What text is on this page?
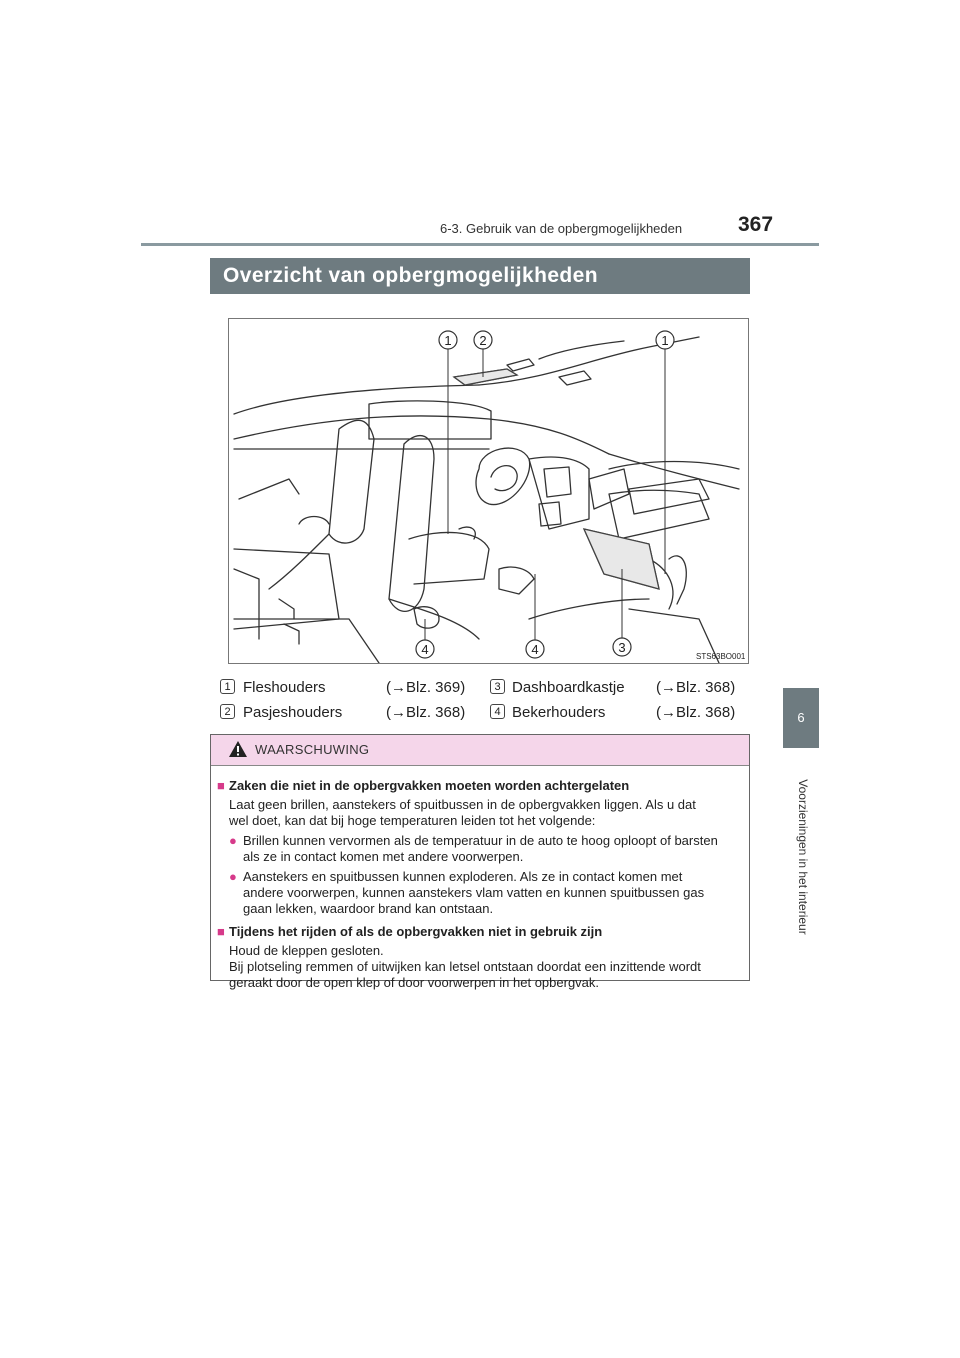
6-3. Gebruik van de opbergmogelijkheden	367
6
Voorzieningen in het interieur
Overzicht van opbergmogelijkheden
1 2	1
4	4	3
STS63BO001
1 Fleshouders	(→Blz. 369)
2 Pasjeshouders	(→Blz. 368)
3 Dashboardkastje (→Blz. 368)
4 Bekerhouders	(→Blz. 368)
WAARSCHUWING
■ Zaken die niet in de opbergvakken moeten worden achtergelaten
Laat geen brillen, aanstekers of spuitbussen in de opbergvakken liggen. Als u dat
wel doet, kan dat bij hoge temperaturen leiden tot het volgende:
● Brillen kunnen vervormen als de temperatuur in de auto te hoog oploopt of barsten
als ze in contact komen met andere voorwerpen.
● Aanstekers en spuitbussen kunnen exploderen. Als ze in contact komen met
andere voorwerpen, kunnen aanstekers vlam vatten en kunnen spuitbussen gas
gaan lekken, waardoor brand kan ontstaan.
■ Tijdens het rijden of als de opbergvakken niet in gebruik zijn
Houd de kleppen gesloten.
Bij plotseling remmen of uitwijken kan letsel ontstaan doordat een inzittende wordt
geraakt door de open klep of door voorwerpen in het opbergvak.
